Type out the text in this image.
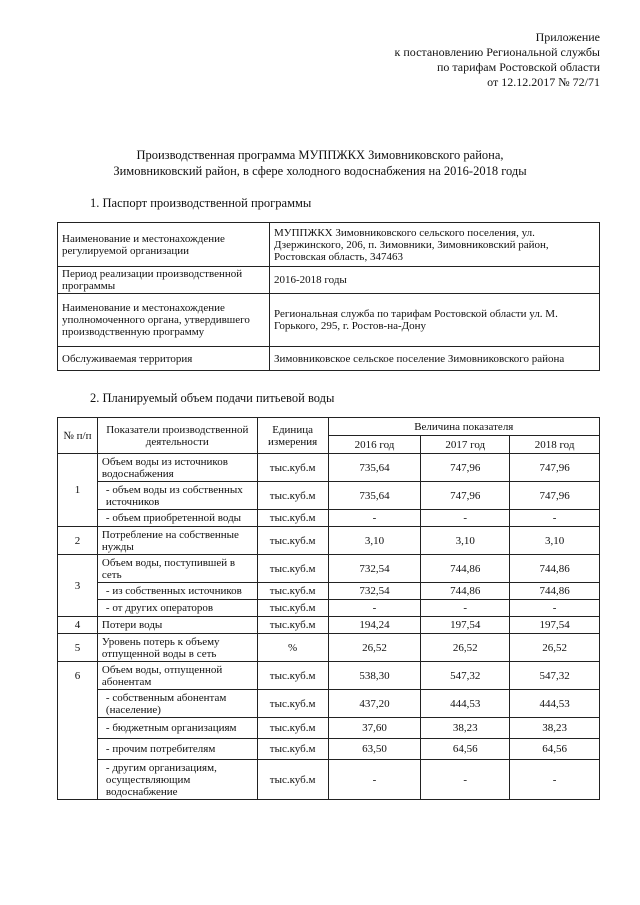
Приложение
к постановлению Региональной службы
по тарифам Ростовской области
от 12.12.2017 № 72/71
Производственная программа МУППЖКХ Зимовниковского района,
Зимовниковский район, в сфере холодного водоснабжения на 2016-2018 годы
1. Паспорт производственной программы
Наименование и местонахождение регулируемой организации	МУППЖКХ Зимовниковского сельского поселения, ул. Дзержинского, 206, п. Зимовники, Зимовниковский район, Ростовская область, 347463
Период реализации производственной программы	2016-2018 годы
Наименование и местонахождение уполномоченного органа, утвердившего производственную программу	Региональная служба по тарифам Ростовской области ул. М. Горького, 295, г. Ростов-на-Дону
Обслуживаемая территория	Зимовниковское сельское поселение Зимовниковского района
2. Планируемый объем подачи питьевой воды
№ п/п	Показатели производственной деятельности	Единица измерения	Величина показателя		
			2016 год	2017 год	2018 год
1	Объем воды из источников водоснабжения	тыс.куб.м	735,64	747,96	747,96
	- объем воды из собственных источников	тыс.куб.м	735,64	747,96	747,96
	- объем приобретенной воды	тыс.куб.м	-	-	-
2	Потребление на собственные нужды	тыс.куб.м	3,10	3,10	3,10
3	Объем воды, поступившей в сеть	тыс.куб.м	732,54	744,86	744,86
	- из собственных источников	тыс.куб.м	732,54	744,86	744,86
	- от других операторов	тыс.куб.м	-	-	-
4	Потери воды	тыс.куб.м	194,24	197,54	197,54
5	Уровень потерь к объему отпущенной воды в сеть	%	26,52	26,52	26,52
6	Объем воды, отпущенной абонентам	тыс.куб.м	538,30	547,32	547,32
	- собственным абонентам (население)	тыс.куб.м	437,20	444,53	444,53
	- бюджетным организациям	тыс.куб.м	37,60	38,23	38,23
	- прочим потребителям	тыс.куб.м	63,50	64,56	64,56
	- другим организациям, осуществляющим водоснабжение	тыс.куб.м	-	-	-
